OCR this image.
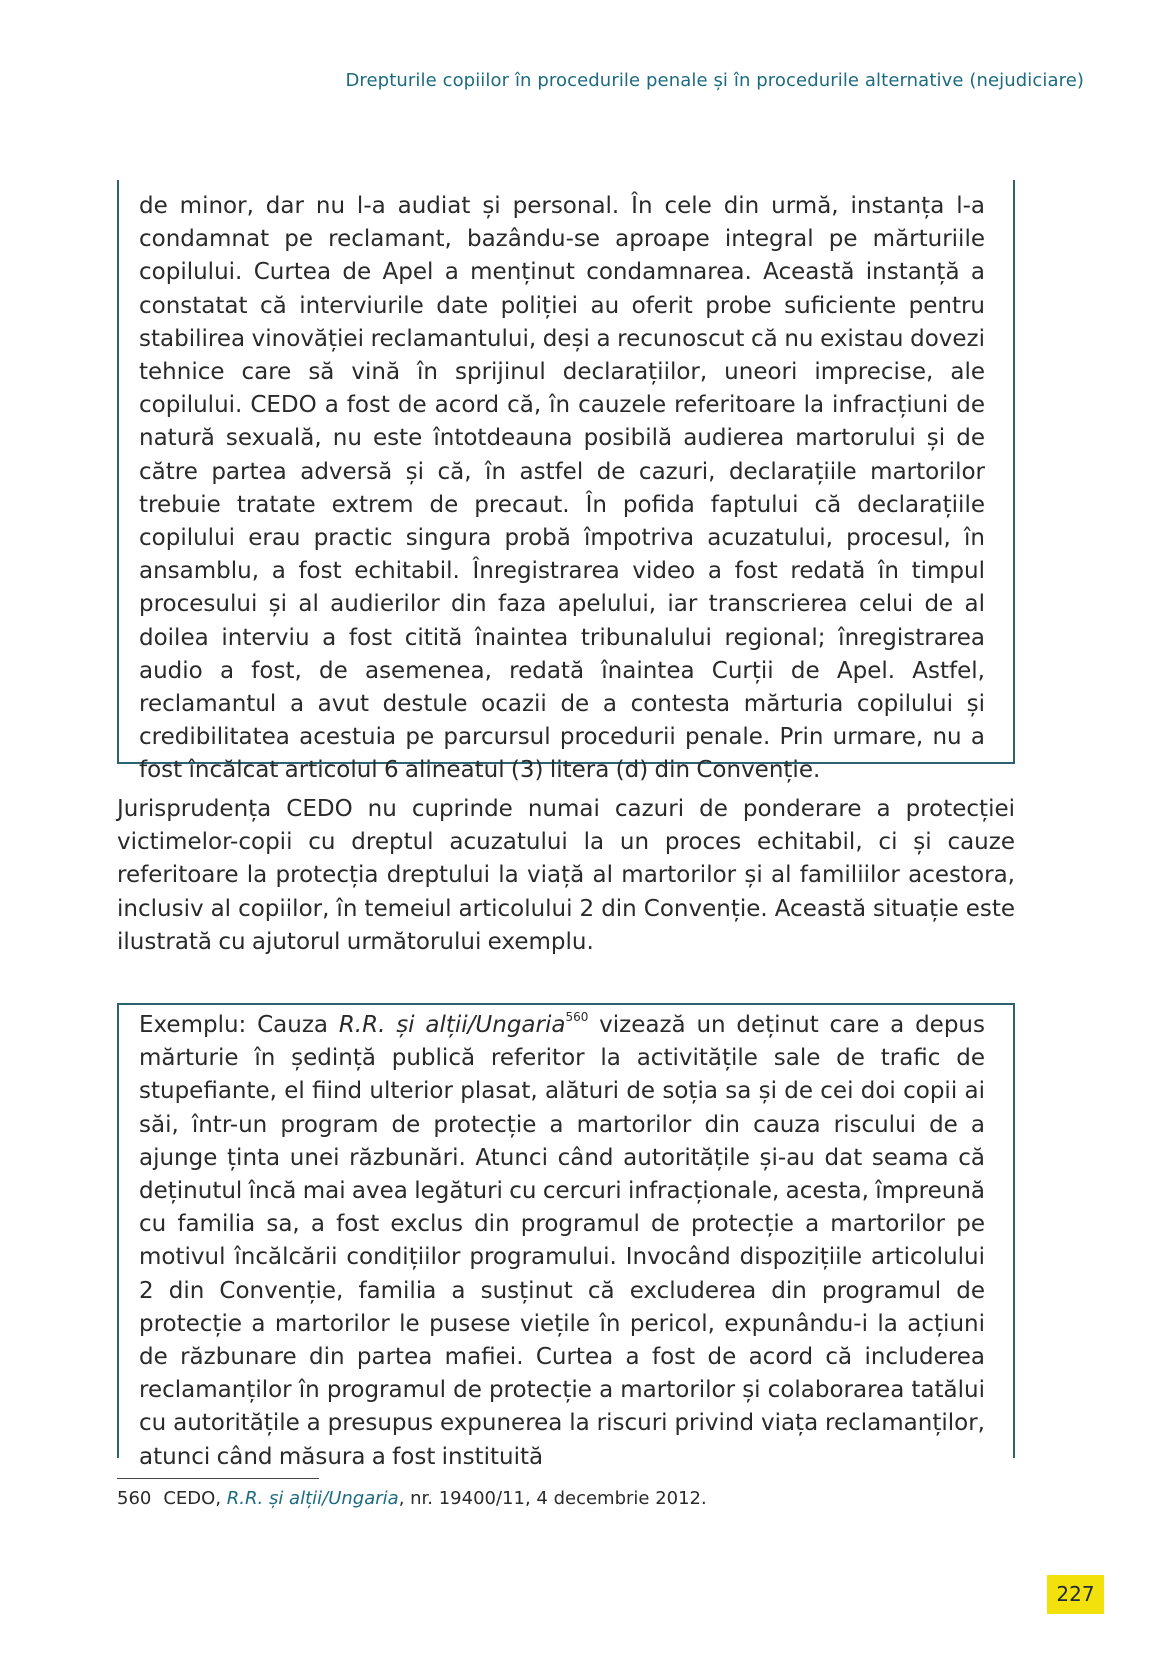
Drepturile copiilor în procedurile penale și în procedurile alternative (nejudiciare)
de minor, dar nu l-a audiat și personal. În cele din urmă, instanța l-a condamnat pe reclamant, bazându-se aproape integral pe mărturiile copilului. Curtea de Apel a menținut condamnarea. Această instanță a constatat că interviurile date poliției au oferit probe suficiente pentru stabilirea vinovăției reclamantului, deși a recunoscut că nu existau dovezi tehnice care să vină în sprijinul declarațiilor, uneori imprecise, ale copilului. CEDO a fost de acord că, în cauzele referitoare la infracțiuni de natură sexuală, nu este întotdeauna posibilă audierea martorului și de către partea adversă și că, în astfel de cazuri, declarațiile martorilor trebuie tratate extrem de precaut. În pofida faptului că declarațiile copilului erau practic singura probă împotriva acuzatului, procesul, în ansamblu, a fost echitabil. Înregistrarea video a fost redată în timpul procesului și al audierilor din faza apelului, iar transcrierea celui de al doilea interviu a fost citită înaintea tribunalului regional; înregistrarea audio a fost, de asemenea, redată înaintea Curții de Apel. Astfel, reclamantul a avut destule ocazii de a contesta mărturia copilului și credibilitatea acestuia pe parcursul procedurii penale. Prin urmare, nu a fost încălcat articolul 6 alineatul (3) litera (d) din Convenție.
Jurisprudența CEDO nu cuprinde numai cazuri de ponderare a protecției victimelor-copii cu dreptul acuzatului la un proces echitabil, ci și cauze referitoare la protecția dreptului la viață al martorilor și al familiilor acestora, inclusiv al copiilor, în temeiul articolului 2 din Convenție. Această situație este ilustrată cu ajutorul următorului exemplu.
Exemplu: Cauza R.R. și alții/Ungaria$^{560}$ vizează un deținut care a depus mărturie în ședință publică referitor la activitățile sale de trafic de stupefiante, el fiind ulterior plasat, alături de soția sa și de cei doi copii ai săi, într-un program de protecție a martorilor din cauza riscului de a ajunge ținta unei răzbunări. Atunci când autoritățile și-au dat seama că deținutul încă mai avea legături cu cercuri infracționale, acesta, împreună cu familia sa, a fost exclus din programul de protecție a martorilor pe motivul încălcării condițiilor programului. Invocând dispozițiile articolului 2 din Convenție, familia a susținut că excluderea din programul de protecție a martorilor le pusese viețile în pericol, expunându-i la acțiuni de răzbunare din partea mafiei. Curtea a fost de acord că includerea reclamanților în programul de protecție a martorilor și colaborarea tatălui cu autoritățile a presupus expunerea la riscuri privind viața reclamanților, atunci când măsura a fost instituită
560 CEDO, R.R. și alții/Ungaria, nr. 19400/11, 4 decembrie 2012.
227
